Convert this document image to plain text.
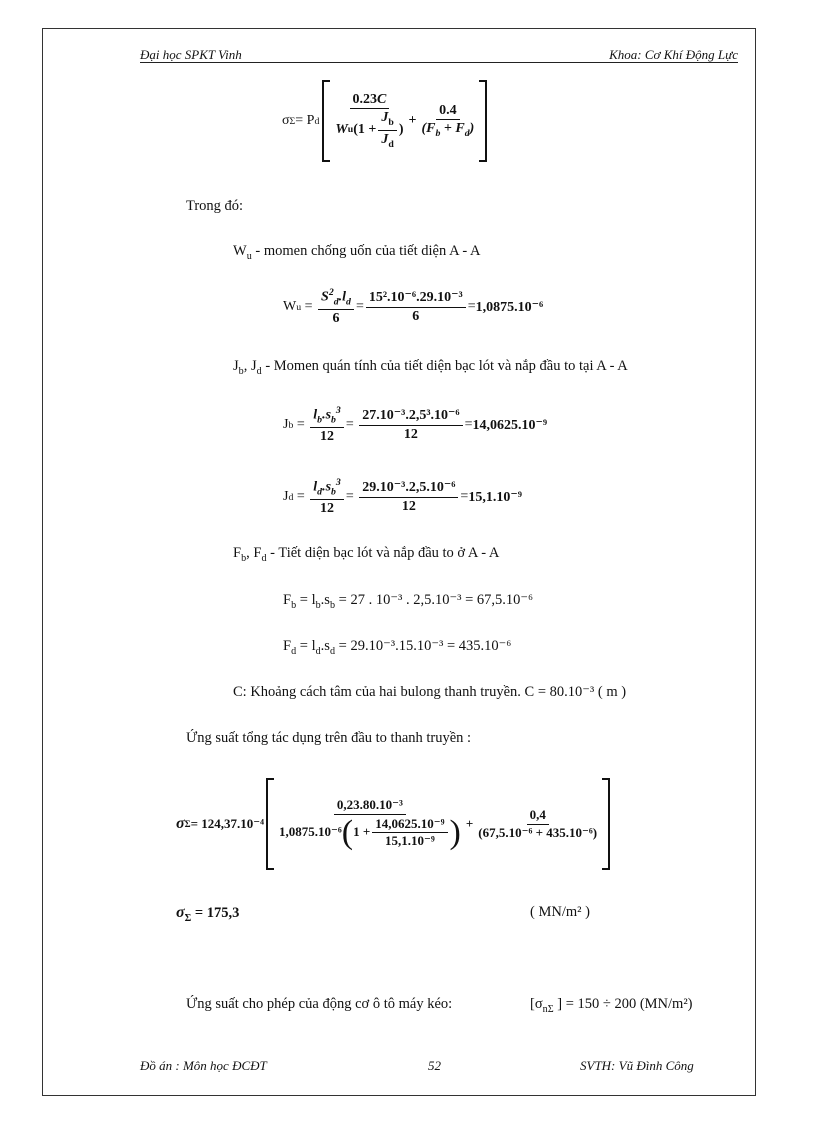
Đại học SPKT Vinh	Khoa: Cơ Khí Động Lực
σ Σ = P d
0.23C
W u ($1 + \frac{J_b}{J_d}$ )
+ $\frac{0.4}{(F_b + F_d)}$
Trong đó:
$W_u$ - momen chống uốn của tiết diện A - A
W $u = \frac{S^2_d.l_d}{6} = \frac{\text{15².10⁻⁶.29.10⁻³}}{6} = 1,0875.10^{-6}$
$J_b$, $J_d$ - Momen quán tính của tiết diện bạc lót và nắp đầu to tại A - A
J $b = \frac{l_b.s_b^3}{12} = \frac{\text{27.10⁻³.2,5³.10⁻⁶}}{12} = 14,0625.10^{-9}$
J $d = \frac{l_d.s_b^3}{12} = \frac{\text{29.10⁻³.2,5.10⁻⁶}}{12} = 15,1.10^{-9}$
$F_b$, $F_d$ - Tiết diện bạc lót và nắp đầu to ở A - A
$F_b = l_b.s_b = 27$ . 10⁻³ . 2,5.10⁻³ = 67,5.10⁻⁶
$F_d = l_d.s_d = 29.10^{-3}.15.10^{-3} = 435.10^{-6}$
C: Khoảng cách tâm của hai bulong thanh truyền. C = 80.10⁻³ ( m )
Ứng suất tổng tác dụng trên đầu to thanh truyền :
σ Σ = 124,37.10⁻⁴
0,23.80.10⁻³
1,0875.10⁻⁶ ( $1 + \frac{\text{14,0625.10⁻⁹}}{\text{15,1.10⁻⁹}}$ ) + $\frac{0,4}{\text{(67,5.10⁻⁶ + 435.10⁻⁶)}}$
$\sigma_\Sigma = 175,3$	( MN/m² )
Ứng suất cho phép của động cơ ô tô máy kéo:	[$\sigma_{n\Sigma}$ ] = 150 ÷ 200 (MN/m²)
Đồ án : Môn học ĐCĐT	52	SVTH: Vũ Đình Công
